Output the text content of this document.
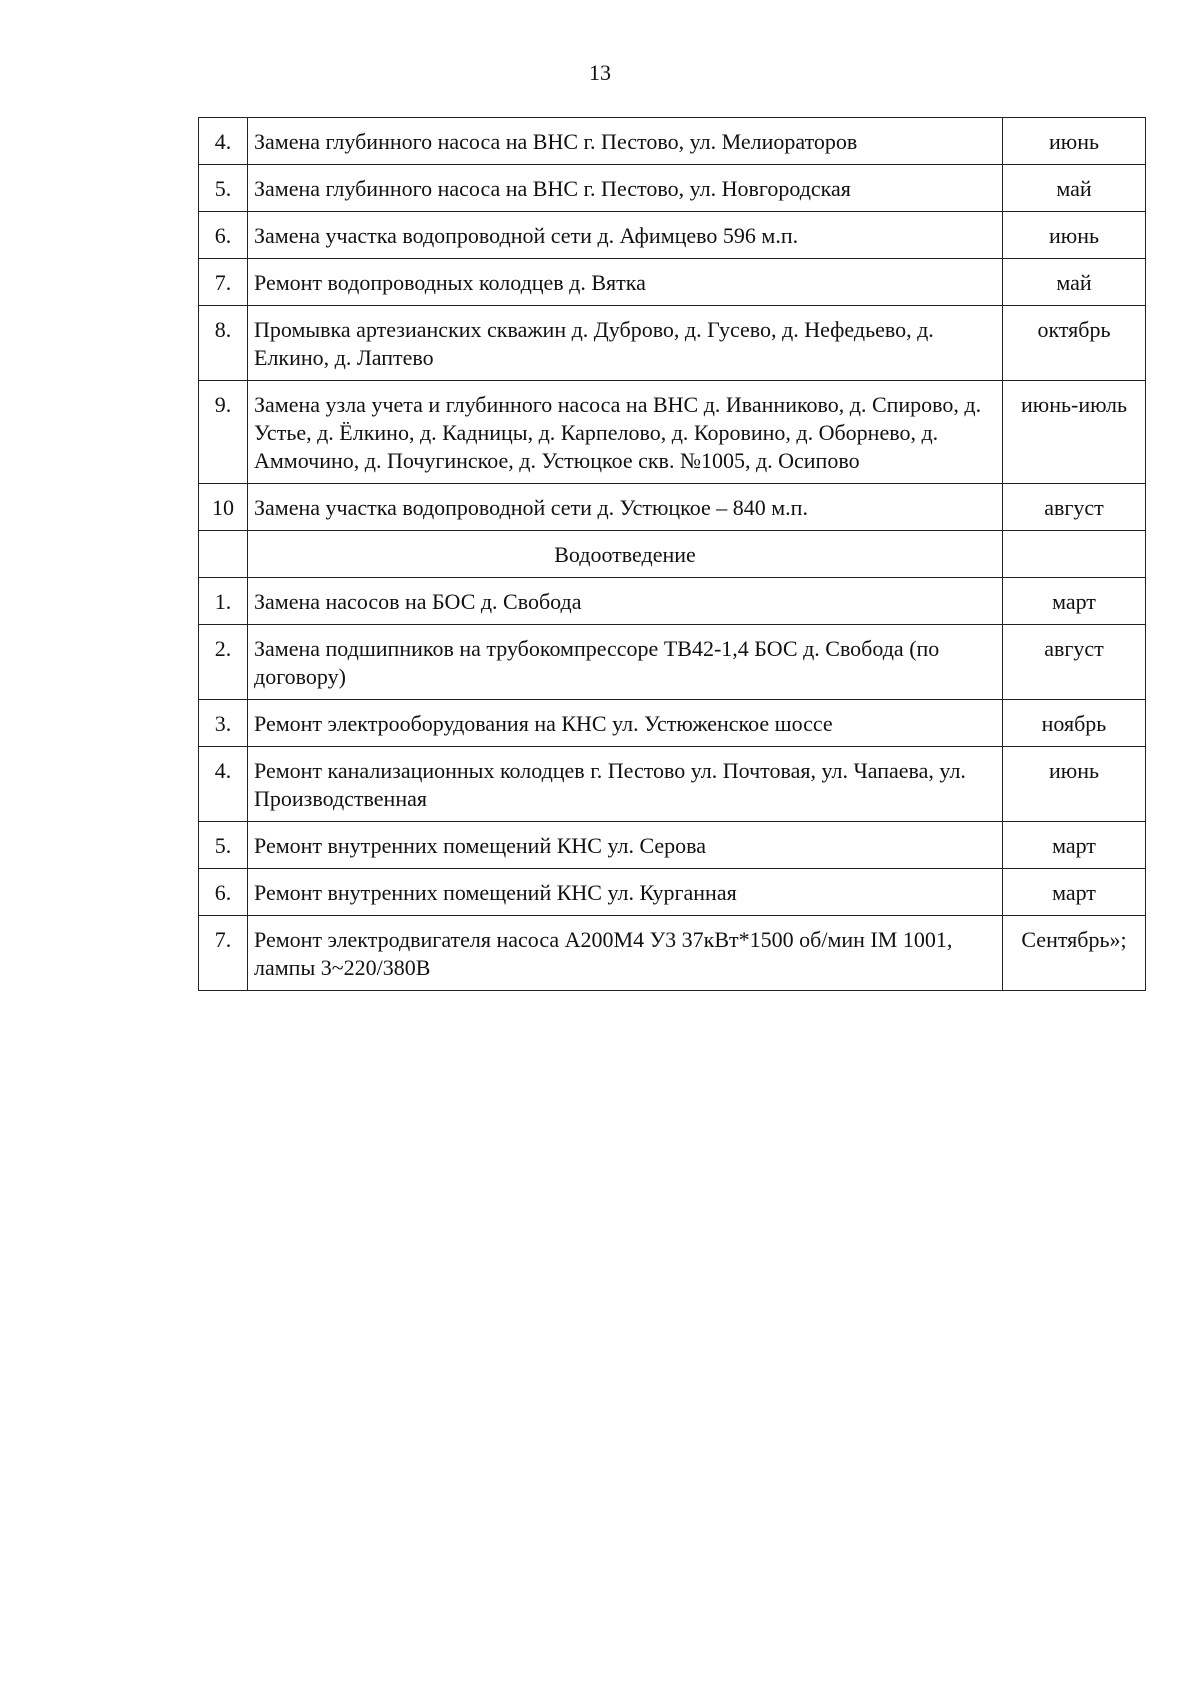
13
4.	Замена глубинного насоса на ВНС г. Пестово, ул. Мелиораторов	июнь
5.	Замена глубинного насоса на ВНС г. Пестово, ул. Новгородская	май
6.	Замена участка водопроводной сети д. Афимцево 596 м.п.	июнь
7.	Ремонт водопроводных колодцев д. Вятка	май
8.	Промывка артезианских скважин д. Дуброво, д. Гусево, д. Нефедьево, д. Елкино, д. Лаптево	октябрь
9.	Замена узла учета и глубинного насоса на ВНС д. Иванниково, д. Спирово, д. Устье, д. Ёлкино, д. Кадницы, д. Карпелово, д. Коровино, д. Оборнево, д. Аммочино, д. Почугинское, д. Устюцкое скв. №1005, д. Осипово	июнь-июль
10	Замена участка водопроводной сети д. Устюцкое – 840 м.п.	август
	Водоотведение	
1.	Замена насосов на БОС д. Свобода	март
2.	Замена подшипников на трубокомпрессоре ТВ42-1,4 БОС д. Свобода (по договору)	август
3.	Ремонт электрооборудования на КНС ул. Устюженское шоссе	ноябрь
4.	Ремонт канализационных колодцев г. Пестово ул. Почтовая, ул. Чапаева, ул. Производственная	июнь
5.	Ремонт внутренних помещений КНС ул. Серова	март
6.	Ремонт внутренних помещений КНС ул. Курганная	март
7.	Ремонт электродвигателя насоса А200М4 У3 37кВт*1500 об/мин IM 1001, лампы 3~220/380В	Сентябрь»;
